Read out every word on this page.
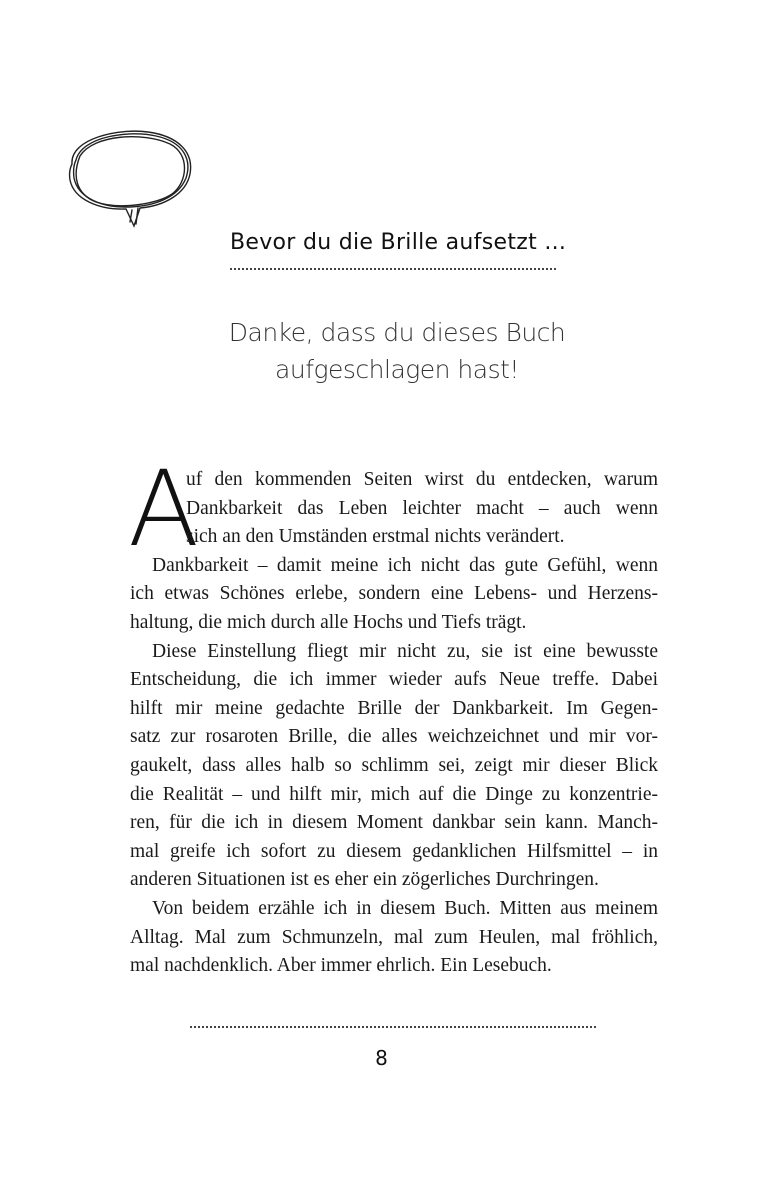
Bevor du die Brille aufsetzt ...

Danke, dass du dieses Buch
aufgeschlagen hast!

A
uf den kommenden Seiten wirst du entdecken, warum
Dankbarkeit das Leben leichter macht – auch wenn
sich an den Umständen erstmal nichts verändert.
Dankbarkeit – damit meine ich nicht das gute Gefühl, wenn
ich etwas Schönes erlebe, sondern eine Lebens- und Herzens-
haltung, die mich durch alle Hochs und Tiefs trägt.
Diese Einstellung fliegt mir nicht zu, sie ist eine bewusste
Entscheidung, die ich immer wieder aufs Neue treffe. Dabei
hilft mir meine gedachte Brille der Dankbarkeit. Im Gegen-
satz zur rosaroten Brille, die alles weichzeichnet und mir vor-
gaukelt, dass alles halb so schlimm sei, zeigt mir dieser Blick
die Realität – und hilft mir, mich auf die Dinge zu konzentrie-
ren, für die ich in diesem Moment dankbar sein kann. Manch-
mal greife ich sofort zu diesem gedanklichen Hilfsmittel – in
anderen Situationen ist es eher ein zögerliches Durchringen.
Von beidem erzähle ich in diesem Buch. Mitten aus meinem
Alltag. Mal zum Schmunzeln, mal zum Heulen, mal fröhlich,
mal nachdenklich. Aber immer ehrlich. Ein Lesebuch.
8
